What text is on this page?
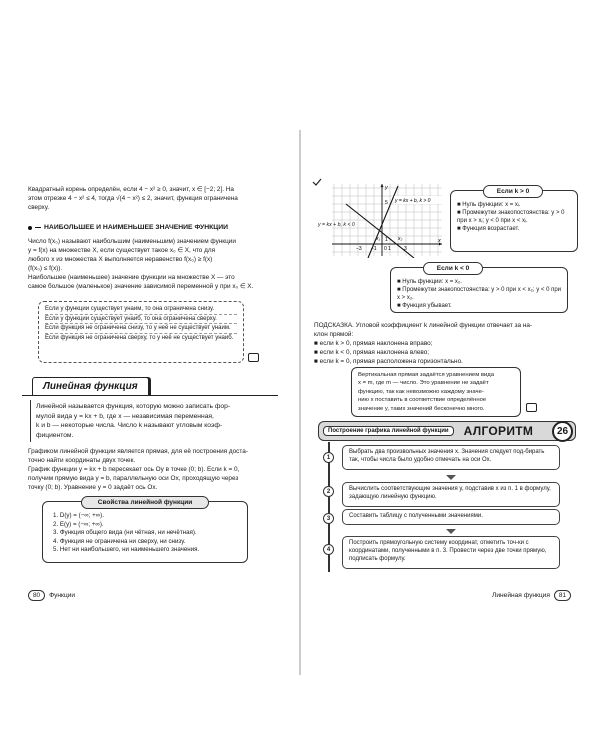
Квадратный корень определён, если 4 − x² ≥ 0, значит, x ∈ [−2; 2]. На
этом отрезке 4 − x² ≤ 4, тогда √(4 − x²) ≤ 2, значит, функция ограничена
сверху.
НАИБОЛЬШЕЕ И НАИМЕНЬШЕЕ ЗНАЧЕНИЕ ФУНКЦИИ
Число f(x₀) называют наибольшим (наименьшим) значением функции
y = f(x) на множестве X, если существует такое x₀ ∈ X, что для
любого x из множества X выполняется неравенство f(x₀) ≥ f(x)
(f(x₀) ≤ f(x)).
Наибольшее (наименьшее) значение функции на множестве X — это
самое большое (маленькое) значение зависимой переменной y при x₀ ∈ X.

Если у функции существует yнаим, то она ограничена снизу.

Если у функции существует yнаиб, то она ограничена сверху.

Если функция не ограничена снизу, то у неё не существует yнаим.

Если функция не ограничена сверху, то у неё не существует yнаиб.

Линейная функция
Линейной называется функция, которую можно записать фор-
мулой вида y = kx + b, где x — независимая переменная,
k и b — некоторые числа. Число k называют угловым коэф-
фициентом.
Графиком линейной функции является прямая, для её построения доста-
точно найти координаты двух точек.
График функции y = kx + b пересекает ось Oy в точке (0; b). Если k = 0,
получим прямую вида y = b, параллельную оси Ox, проходящую через
точку (0; b). Уравнение y = 0 задаёт ось Ox.
Свойства линейной функции
1. D(y) = (−∞; +∞).
2. E(y) = (−∞; +∞).
3. Функция общего вида (ни чётная, ни нечётная).
4. Функция не ограничена ни сверху, ни снизу.
5. Нет ни наибольшего, ни наименьшего значения.
80	Функции
y
x
5
1
−1 0 1	3
−3
x₁	x₂
y = kx + b, k > 0
y = kx + b, k < 0
Если k > 0
■ Нуль функции: x = xᵢ.
■ Промежутки знакопостоянства: y > 0 при x > xᵢ; y < 0 при x < xᵢ.
■ Функция возрастает.
Если k < 0
■ Нуль функции: x = x₂.
■ Промежутки знакопостоянства: y > 0 при x < x₂; y < 0 при x > x₂.
■ Функция убывает.
ПОДСКАЗКА. Угловой коэффициент k линейной функции отвечает за на-
клон прямой:
■ если k > 0, прямая наклонена вправо;
■ если k < 0, прямая наклонена влево;
■ если k = 0, прямая расположена горизонтально.
Вертикальная прямая задаётся уравнением вида
x = m, где m — число. Это уравнение не задаёт
функцию, так как невозможно каждому значе-
нию x поставить в соответствие определённое
значение y, таких значений бесконечно много.
Построение графика линейной функции	АЛГОРИТМ 26
1
Выбрать два произвольных значения x. Значения следует под-бирать так, чтобы числа было удобно отмечать на оси Ox.
2	Вычислить соответствующие значения y, подставив x из п. 1 в формулу, задающую линейную функцию.
3	Составить таблицу с полученными значениями.
4
Построить прямоугольную систему координат, отметить точ-ки с координатами, полученными в п. 3. Провести через две точки прямую, подписать формулу.
Линейная функция	81
